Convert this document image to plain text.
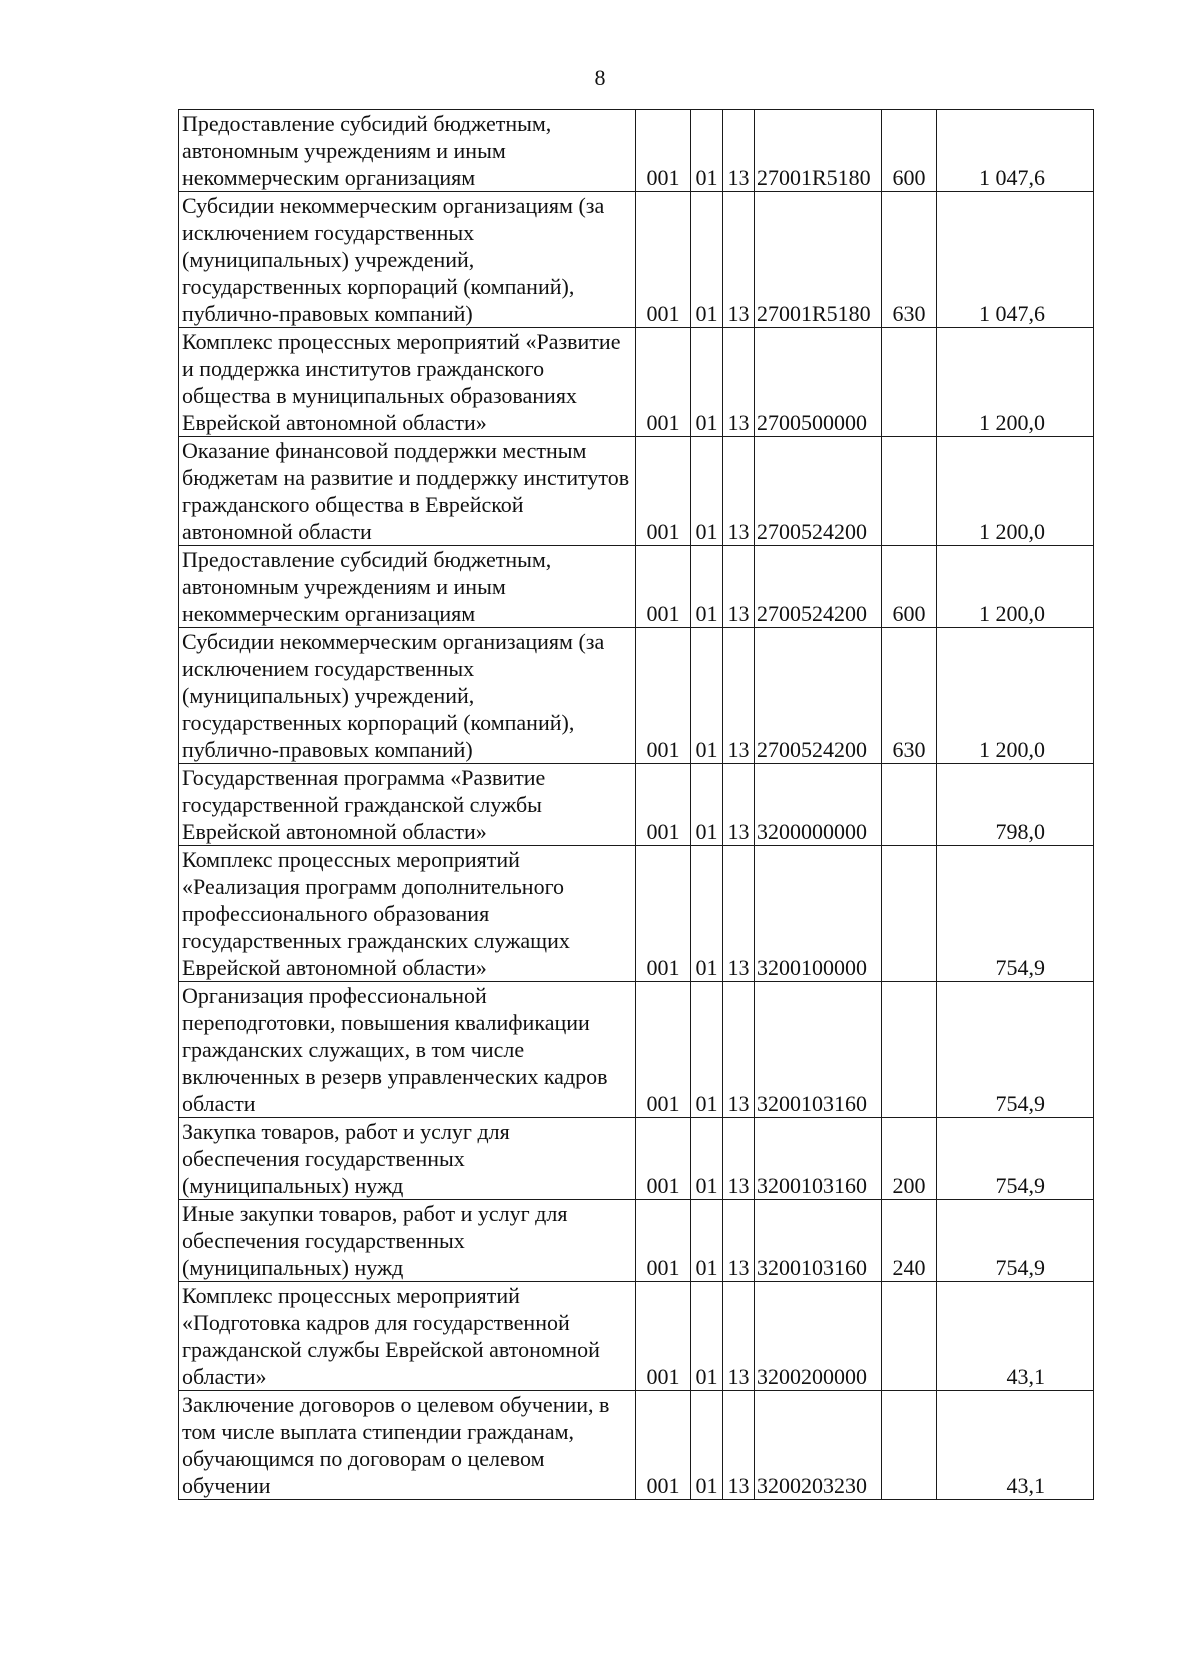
8
Предоставление субсидий бюджетным, автономным учреждениям и иным некоммерческим организациям	001	01	13	27001R5180	600	1 047,6
Субсидии некоммерческим организациям (за исключением государственных (муниципальных) учреждений, государственных корпораций (компаний), публично-правовых компаний)	001	01	13	27001R5180	630	1 047,6
Комплекс процессных мероприятий «Развитие и поддержка институтов гражданского общества в муниципальных образованиях Еврейской автономной области»	001	01	13	2700500000		1 200,0
Оказание финансовой поддержки местным бюджетам на развитие и поддержку институтов гражданского общества в Еврейской автономной области	001	01	13	2700524200		1 200,0
Предоставление субсидий бюджетным, автономным учреждениям и иным некоммерческим организациям	001	01	13	2700524200	600	1 200,0
Субсидии некоммерческим организациям (за исключением государственных (муниципальных) учреждений, государственных корпораций (компаний), публично-правовых компаний)	001	01	13	2700524200	630	1 200,0
Государственная программа «Развитие государственной гражданской службы Еврейской автономной области»	001	01	13	3200000000		798,0
Комплекс процессных мероприятий «Реализация программ дополнительного профессионального образования государственных гражданских служащих Еврейской автономной области»	001	01	13	3200100000		754,9
Организация профессиональной переподготовки, повышения квалификации гражданских служащих, в том числе включенных в резерв управленческих кадров области	001	01	13	3200103160		754,9
Закупка товаров, работ и услуг для обеспечения государственных (муниципальных) нужд	001	01	13	3200103160	200	754,9
Иные закупки товаров, работ и услуг для обеспечения государственных (муниципальных) нужд	001	01	13	3200103160	240	754,9
Комплекс процессных мероприятий «Подготовка кадров для государственной гражданской службы Еврейской автономной области»	001	01	13	3200200000		43,1
Заключение договоров о целевом обучении, в том числе выплата стипендии гражданам, обучающимся по договорам о целевом обучении	001	01	13	3200203230		43,1
